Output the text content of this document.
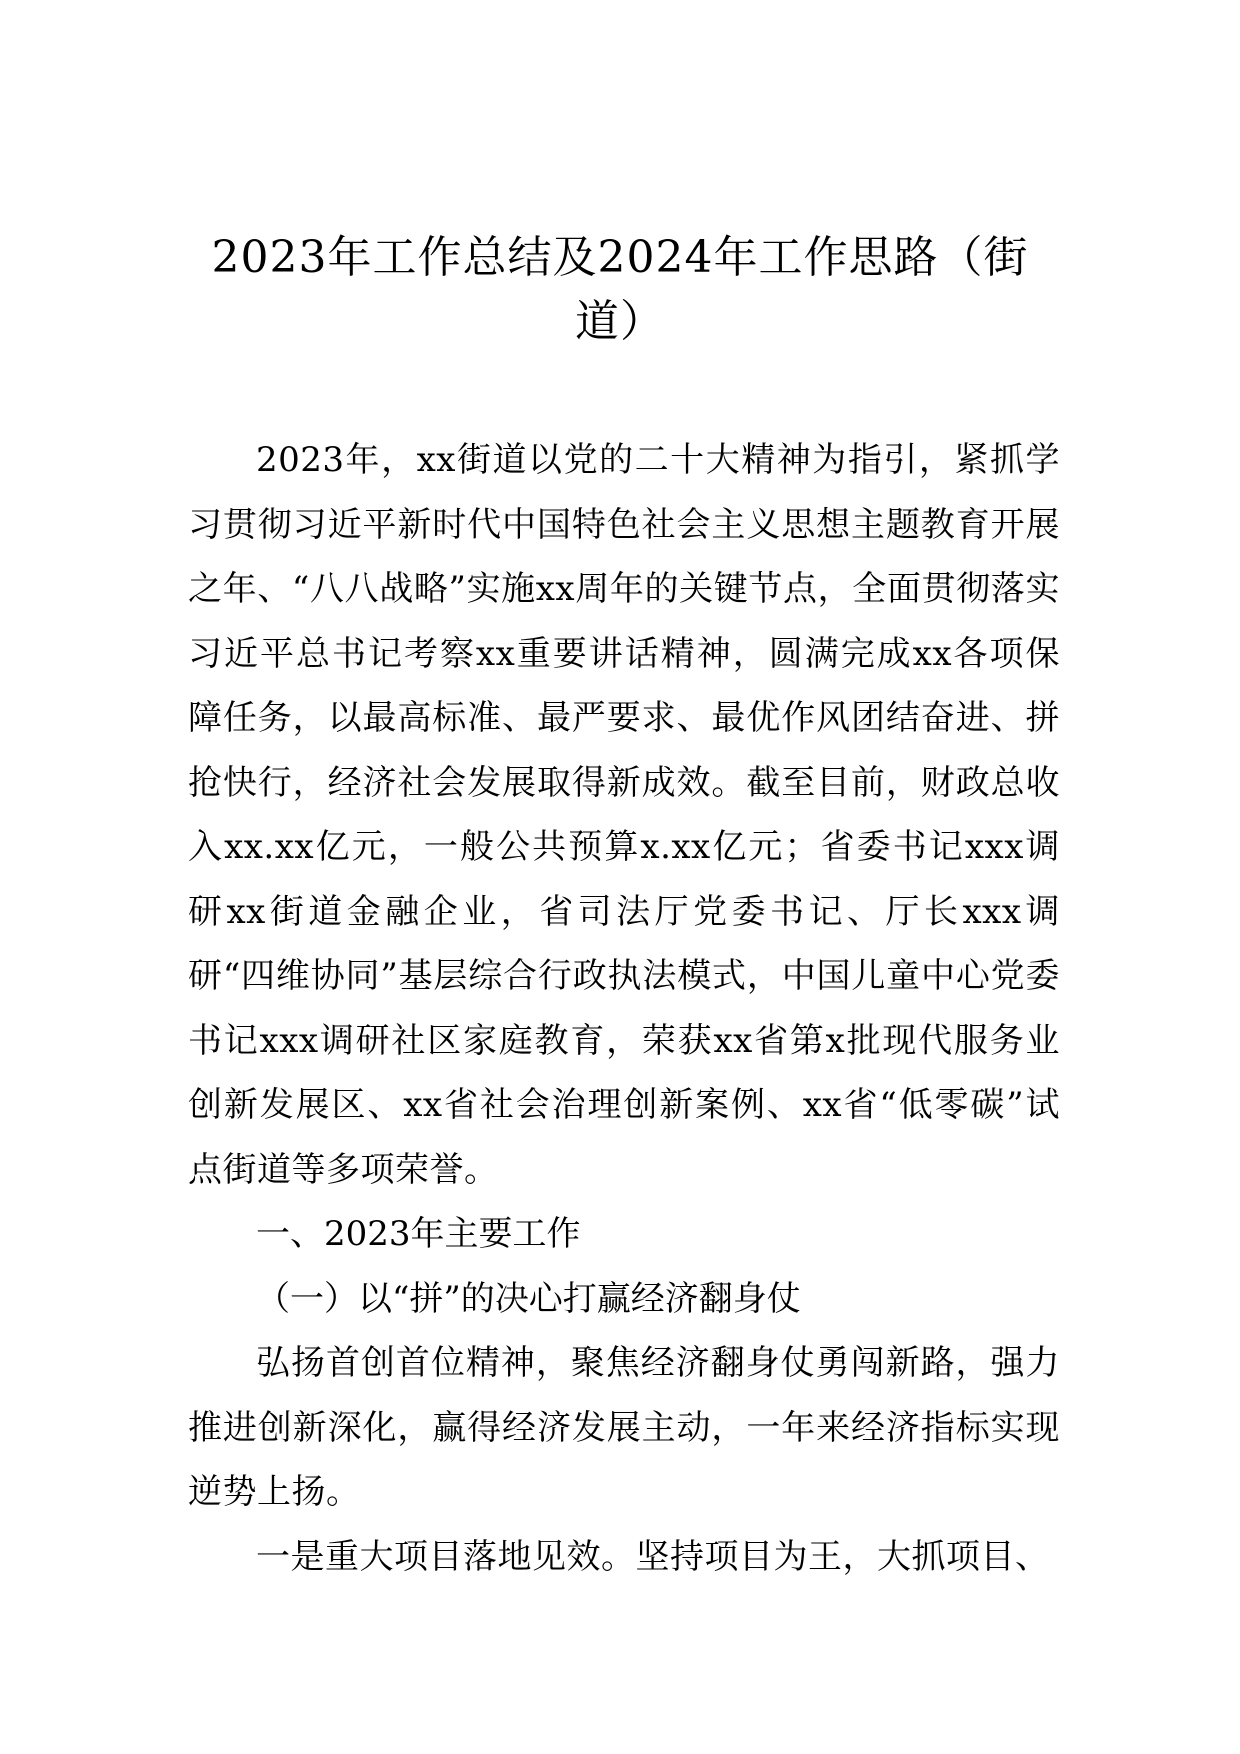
2023年工作总结及2024年工作思路（街道）

2023年，xx街道以党的二十大精神为指引，紧抓学习贯彻习近平新时代中国特色社会主义思想主题教育开展之年、“八八战略”实施xx周年的关键节点，全面贯彻落实习近平总书记考察xx重要讲话精神，圆满完成xx各项保障任务，以最高标准、最严要求、最优作风团结奋进、拼抢快行，经济社会发展取得新成效。截至目前，财政总收入xx.xx亿元，一般公共预算x.xx亿元；省委书记xxx调研xx街道金融企业，省司法厅党委书记、厅长xxx调研“四维协同”基层综合行政执法模式，中国儿童中心党委书记xxx调研社区家庭教育，荣获xx省第x批现代服务业创新发展区、xx省社会治理创新案例、xx省“低零碳”试点街道等多项荣誉。

一、2023年主要工作

（一）以“拼”的决心打赢经济翻身仗

弘扬首创首位精神，聚焦经济翻身仗勇闯新路，强力推进创新深化，赢得经济发展主动，一年来经济指标实现逆势上扬。

一是重大项目落地见效。坚持项目为王，大抓项目、
